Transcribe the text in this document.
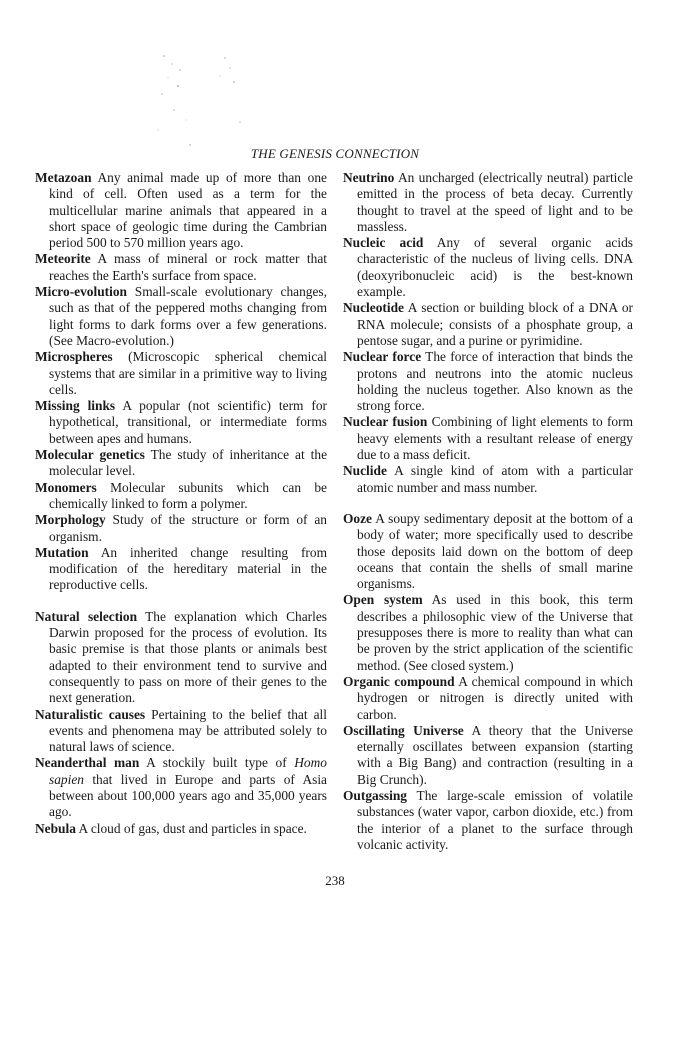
THE GENESIS CONNECTION

Metazoan Any animal made up of more than one kind of cell. Often used as a term for the multicellular marine animals that appeared in a short space of geologic time during the Cambrian period 500 to 570 million years ago.

Meteorite A mass of mineral or rock matter that reaches the Earth's surface from space.

Micro-evolution Small-scale evolutionary changes, such as that of the peppered moths changing from light forms to dark forms over a few generations. (See Macro-evolution.)

Microspheres (Microscopic spherical chemical systems that are similar in a primitive way to living cells.

Missing links A popular (not scientific) term for hypothetical, transitional, or intermediate forms between apes and humans.

Molecular genetics The study of inheritance at the molecular level.

Monomers Molecular subunits which can be chemically linked to form a polymer.

Morphology Study of the structure or form of an organism.

Mutation An inherited change resulting from modification of the hereditary material in the reproductive cells.

Natural selection The explanation which Charles Darwin proposed for the process of evolution. Its basic premise is that those plants or animals best adapted to their environment tend to survive and consequently to pass on more of their genes to the next generation.

Naturalistic causes Pertaining to the belief that all events and phenomena may be attributed solely to natural laws of science.

Neanderthal man A stockily built type of Homo sapien that lived in Europe and parts of Asia between about 100,000 years ago and 35,000 years ago.

Nebula A cloud of gas, dust and particles in space.

Neutrino An uncharged (electrically neutral) particle emitted in the process of beta decay. Currently thought to travel at the speed of light and to be massless.

Nucleic acid Any of several organic acids characteristic of the nucleus of living cells. DNA (deoxyribonucleic acid) is the best-known example.

Nucleotide A section or building block of a DNA or RNA molecule; consists of a phosphate group, a pentose sugar, and a purine or pyrimidine.

Nuclear force The force of interaction that binds the protons and neutrons into the atomic nucleus holding the nucleus together. Also known as the strong force.

Nuclear fusion Combining of light elements to form heavy elements with a resultant release of energy due to a mass deficit.

Nuclide A single kind of atom with a particular atomic number and mass number.

Ooze A soupy sedimentary deposit at the bottom of a body of water; more specifically used to describe those deposits laid down on the bottom of deep oceans that contain the shells of small marine organisms.

Open system As used in this book, this term describes a philosophic view of the Universe that presupposes there is more to reality than what can be proven by the strict application of the scientific method. (See closed system.)

Organic compound A chemical compound in which hydrogen or nitrogen is directly united with carbon.

Oscillating Universe A theory that the Universe eternally oscillates between expansion (starting with a Big Bang) and contraction (resulting in a Big Crunch).

Outgassing The large-scale emission of volatile substances (water vapor, carbon dioxide, etc.) from the interior of a planet to the surface through volcanic activity.

238
